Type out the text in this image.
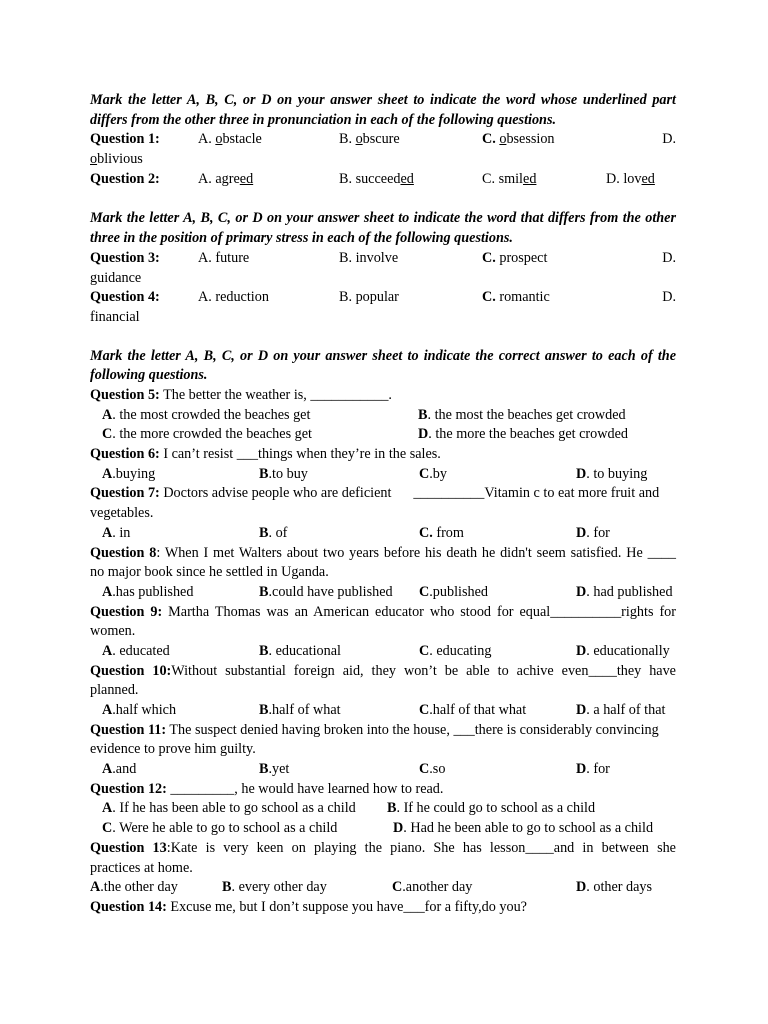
Mark the letter A, B, C, or D on your answer sheet to indicate the word whose underlined part differs from the other three in pronunciation in each of the following questions.
Question 1:	A. obstacle	B. obscure	C. obsession	D.
oblivious
Question 2:	A. agreed	B. succeeded	C. smiled	D. loved
Mark the letter A, B, C, or D on your answer sheet to indicate the word that differs from the other three in the position of primary stress in each of the following questions.
Question 3:	A. future	B. involve	C. prospect	D.
guidance
Question 4:	A. reduction	B. popular	C. romantic	D.
financial
Mark the letter A, B, C, or D on your answer sheet to indicate the correct answer to each of the following questions.
Question 5: The better the weather is, ___________.
A. the most crowded the beaches get	B. the most the beaches get crowded
C. the more crowded the beaches get	D. the more the beaches get crowded
Question 6: I can’t resist ___things when they’re in the sales.
A.buying	B.to buy	C.by	D. to buying
Question 7: Doctors advise people who are deficient __________Vitamin c to eat more fruit and
vegetables.
A. in	B. of	C. from	D. for
Question 8: When I met Walters about two years before his death he didn't seem satisfied. He ____
no major book since he settled in Uganda.
A.has published	B.could have published C.published	D. had published
Question 9: Martha Thomas was an American educator who stood for equal__________rights for
women.
A. educated	B. educational	C. educating	D. educationally
Question 10:Without substantial foreign aid, they won’t be able to achive even____they have
planned.
A.half which	B.half of what	C.half of that what	D. a half of that
Question 11: The suspect denied having broken into the house, ___there is considerably convincing
evidence to prove him guilty.
A.and	B.yet	C.so	D. for
Question 12: _________, he would have learned how to read.
A. If he has been able to go school as a child B. If he could go to school as a child
C. Were he able to go to school as a child	D. Had he been able to go to school as a child
Question 13:Kate is very keen on playing the piano. She has lesson____and in between she
practices at home.
A.the other day	B. every other day	C.another day	D. other days
Question 14: Excuse me, but I don’t suppose you have___for a fifty,do you?
